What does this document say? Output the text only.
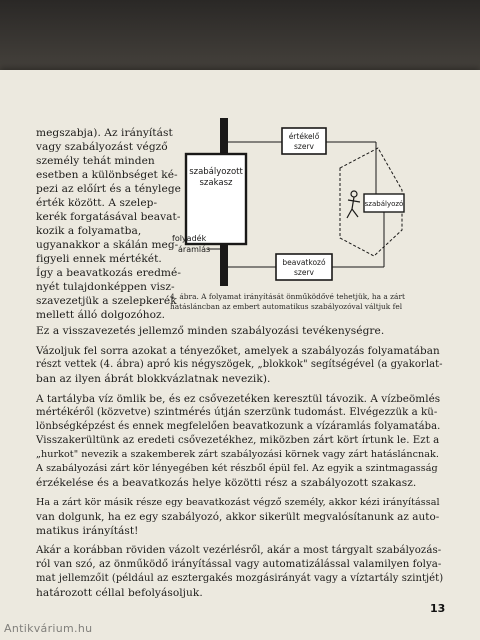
megszabja). Az irányítást

vagy szabályozást végző

személy tehát minden

esetben a különbséget ké-

pezi az előírt és a ténylege

érték között. A szelep-

kerék forgatásával beavat-

kozik a folyamatba,

ugyanakkor a skálán meg-

figyeli ennek mértékét.

Így a beavatkozás eredmé-

nyét tulajdonképpen visz-

szavezetjük a szelepkerék

mellett álló dolgozóhoz.

szabályozott
szakasz
értékelő
szerv
beavatkozó
szerv
szabályozó
folyadék
áramlás

4. ábra. A folyamat irányítását önműködővé tehetjük, ha a zárt

hatásláncban az embert automatikus szabályozóval váltjuk fel

Ez a visszavezetés jellemző minden szabályozási tevékenységre.

Vázoljuk fel sorra azokat a tényezőket, amelyek a szabályozás folyamatában

részt vettek (4. ábra) apró kis négyszögek, „blokkok" segítségével (a gyakorlat-

ban az ilyen ábrát blokkvázlatnak nevezik).

A tartályba víz ömlik be, és ez csővezetéken keresztül távozik. A vízbeömlés

mértékéről (közvetve) szintmérés útján szerzünk tudomást. Elvégezzük a kü-

lönbségképzést és ennek megfelelően beavatkozunk a vízáramlás folyamatába.

Visszakerültünk az eredeti csővezetékhez, miközben zárt kört írtunk le. Ezt a

„hurkot" nevezik a szakemberek zárt szabályozási körnek vagy zárt hatásláncnak.

A szabályozási zárt kör lényegében két részből épül fel. Az egyik a szintmagasság

érzékelése és a beavatkozás helye közötti rész a szabályozott szakasz.

Ha a zárt kör másik része egy beavatkozást végző személy, akkor kézi irányítással

van dolgunk, ha ez egy szabályozó, akkor sikerült megvalósítanunk az auto-

matikus irányítást!

Akár a korábban röviden vázolt vezérlésről, akár a most tárgyalt szabályozás-

ról van szó, az önműködő irányítással vagy automatizálással valamilyen folya-

mat jellemzőit (például az esztergakés mozgásirányát vagy a víztartály szintjét)

határozott céllal befolyásoljuk.

13
Antikvárium.hu
